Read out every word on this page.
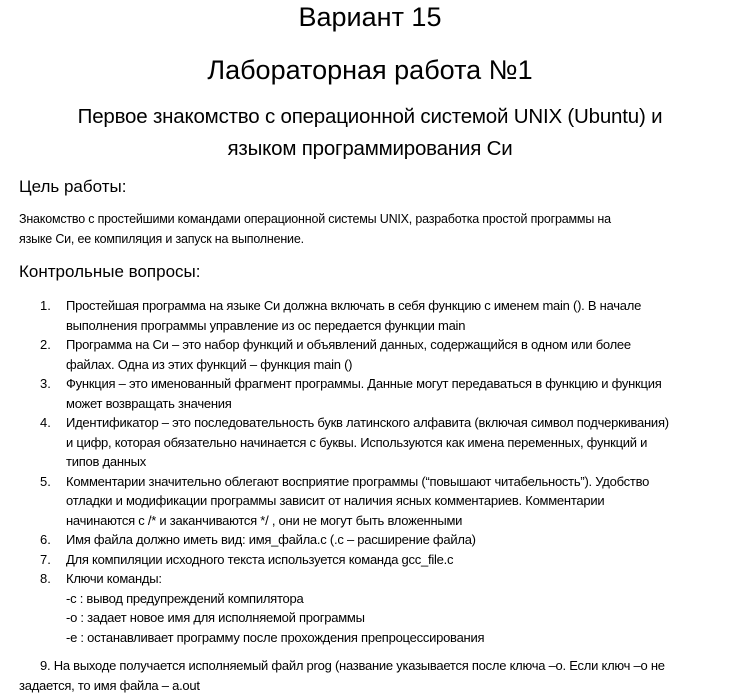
Вариант 15
Лабораторная работа №1
Первое знакомство с операционной системой UNIX (Ubuntu) и
языком программирования Си
Цель работы:
Знакомство с простейшими командами операционной системы UNIX, разработка простой программы на
языке Си, ее компиляция и запуск на выполнение.
Контрольные вопросы:
1. Простейшая программа на языке Си должна включать в себя функцию с именем main (). В начале
выполнения программы управление из ос передается функции main
2. Программа на Си – это набор функций и объявлений данных, содержащийся в одном или более
файлах. Одна из этих функций – функция main ()
3. Функция – это именованный фрагмент программы. Данные могут передаваться в функцию и функция
может возвращать значения
4. Идентификатор – это последовательность букв латинского алфавита (включая символ подчеркивания)
и цифр, которая обязательно начинается с буквы. Используются как имена переменных, функций и
типов данных
5. Комментарии значительно облегают восприятие программы (“повышают читабельность”). Удобство
отладки и модификации программы зависит от наличия ясных комментариев. Комментарии
начинаются с /* и заканчиваются */ , они не могут быть вложенными
6. Имя файла должно иметь вид: имя_файла.c (.c – расширение файла)
7. Для компиляции исходного текста используется команда gcc_file.c
8. Ключи команды:
-c : вывод предупреждений компилятора
-o : задает новое имя для исполняемой программы
-e : останавливает программу после прохождения препроцессирования
9. На выходе получается исполняемый файл prog (название указывается после ключа –o. Если ключ –o не
задается, то имя файла – a.out
